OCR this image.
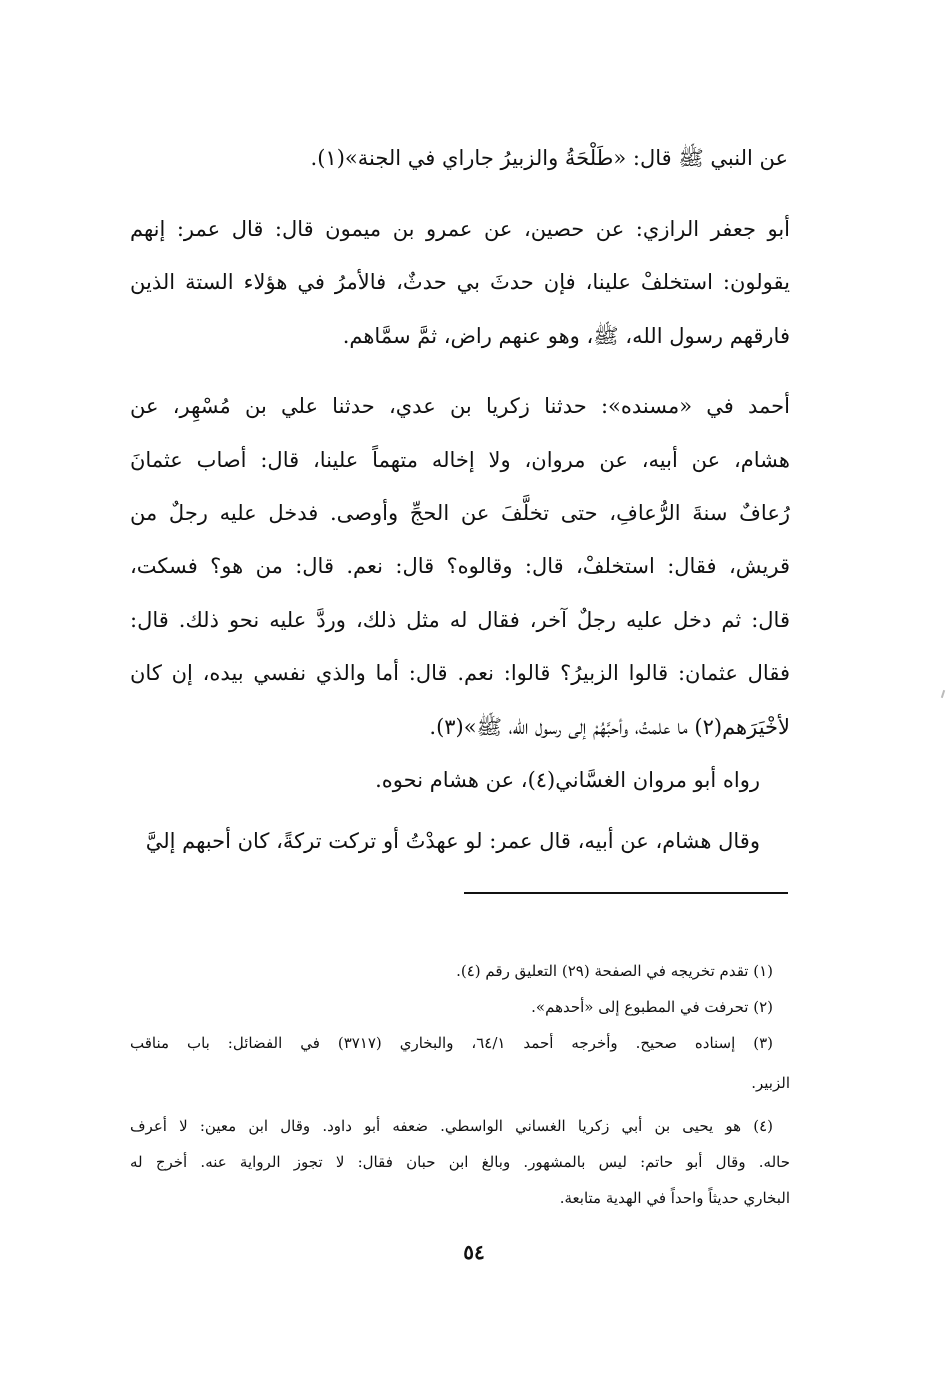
عن النبي ﷺ قال: «طَلْحَةُ والزبيرُ جاراي في الجنة»(١).
أبو جعفر الرازي: عن حصين، عن عمرو بن ميمون قال: قال عمر: إنهم
يقولون: استخلفْ علينا، فإن حدثَ بي حدثٌ، فالأمرُ في هؤلاء الستة الذين
فارقهم رسول الله، ﷺ، وهو عنهم راض، ثمَّ سمَّاهم.
أحمد في «مسنده»: حدثنا زكريا بن عدي، حدثنا علي بن مُسْهِر، عن
هشام، عن أبيه، عن مروان، ولا إخاله متهماً علينا، قال: أصاب عثمانَ
رُعافٌ سنةَ الرُّعافِ، حتى تخلَّفَ عن الحجِّ وأوصى. فدخل عليه رجلٌ من
قريش، فقال: استخلفْ، قال: وقالوه؟ قال: نعم. قال: من هو؟ فسكت،
قال: ثم دخل عليه رجلٌ آخر، فقال له مثل ذلك، وردَّ عليه نحو ذلك. قال:
فقال عثمان: قالوا الزبيرُ؟ قالوا: نعم. قال: أما والذي نفسي بيده، إن كان
لأخْيَرَهم(٢) ما علمتُ، وأحبَّهُمْ إلى رسول الله، ﷺ»(٣).
رواه أبو مروان الغسَّاني(٤)، عن هشام نحوه.
وقال هشام، عن أبيه، قال عمر: لو عهدْتُ أو تركت تركةً، كان أحبهم إليَّ
(١) تقدم تخريجه في الصفحة (٢٩) التعليق رقم (٤).
(٢) تحرفت في المطبوع إلى «أحدهم».
(٣) إسناده صحيح. وأخرجه أحمد ٦٤/١، والبخاري (٣٧١٧) في الفضائل: باب مناقب
الزبير.
(٤) هو يحيى بن أبي زكريا الغساني الواسطي. ضعفه أبو داود. وقال ابن معين: لا أعرف
حاله. وقال أبو حاتم: ليس بالمشهور. وبالغ ابن حبان فقال: لا تجوز الرواية عنه. أخرج له
البخاري حديثاً واحداً في الهدية متابعة.
٥٤
